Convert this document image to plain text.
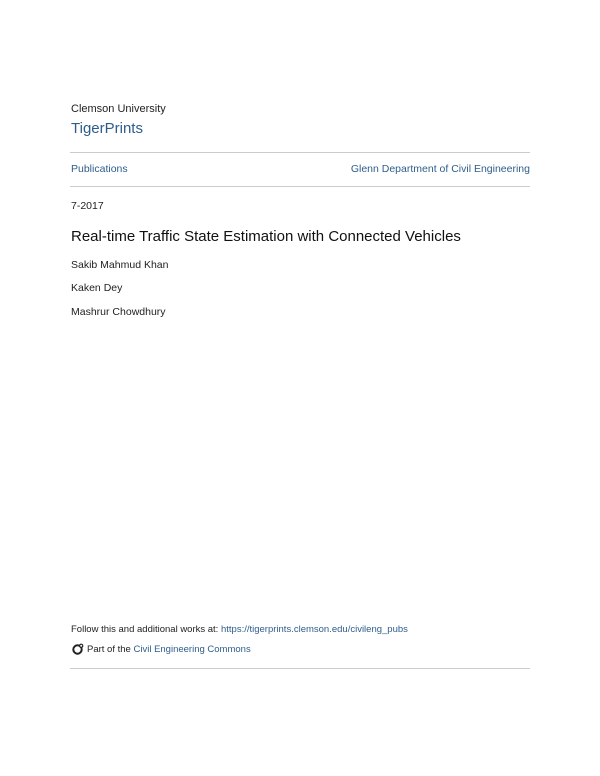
Clemson University
TigerPrints
Publications	Glenn Department of Civil Engineering
7-2017
Real-time Traffic State Estimation with Connected Vehicles
Sakib Mahmud Khan
Kaken Dey
Mashrur Chowdhury
Follow this and additional works at: https://tigerprints.clemson.edu/civileng_pubs
Part of the
Civil Engineering Commons
